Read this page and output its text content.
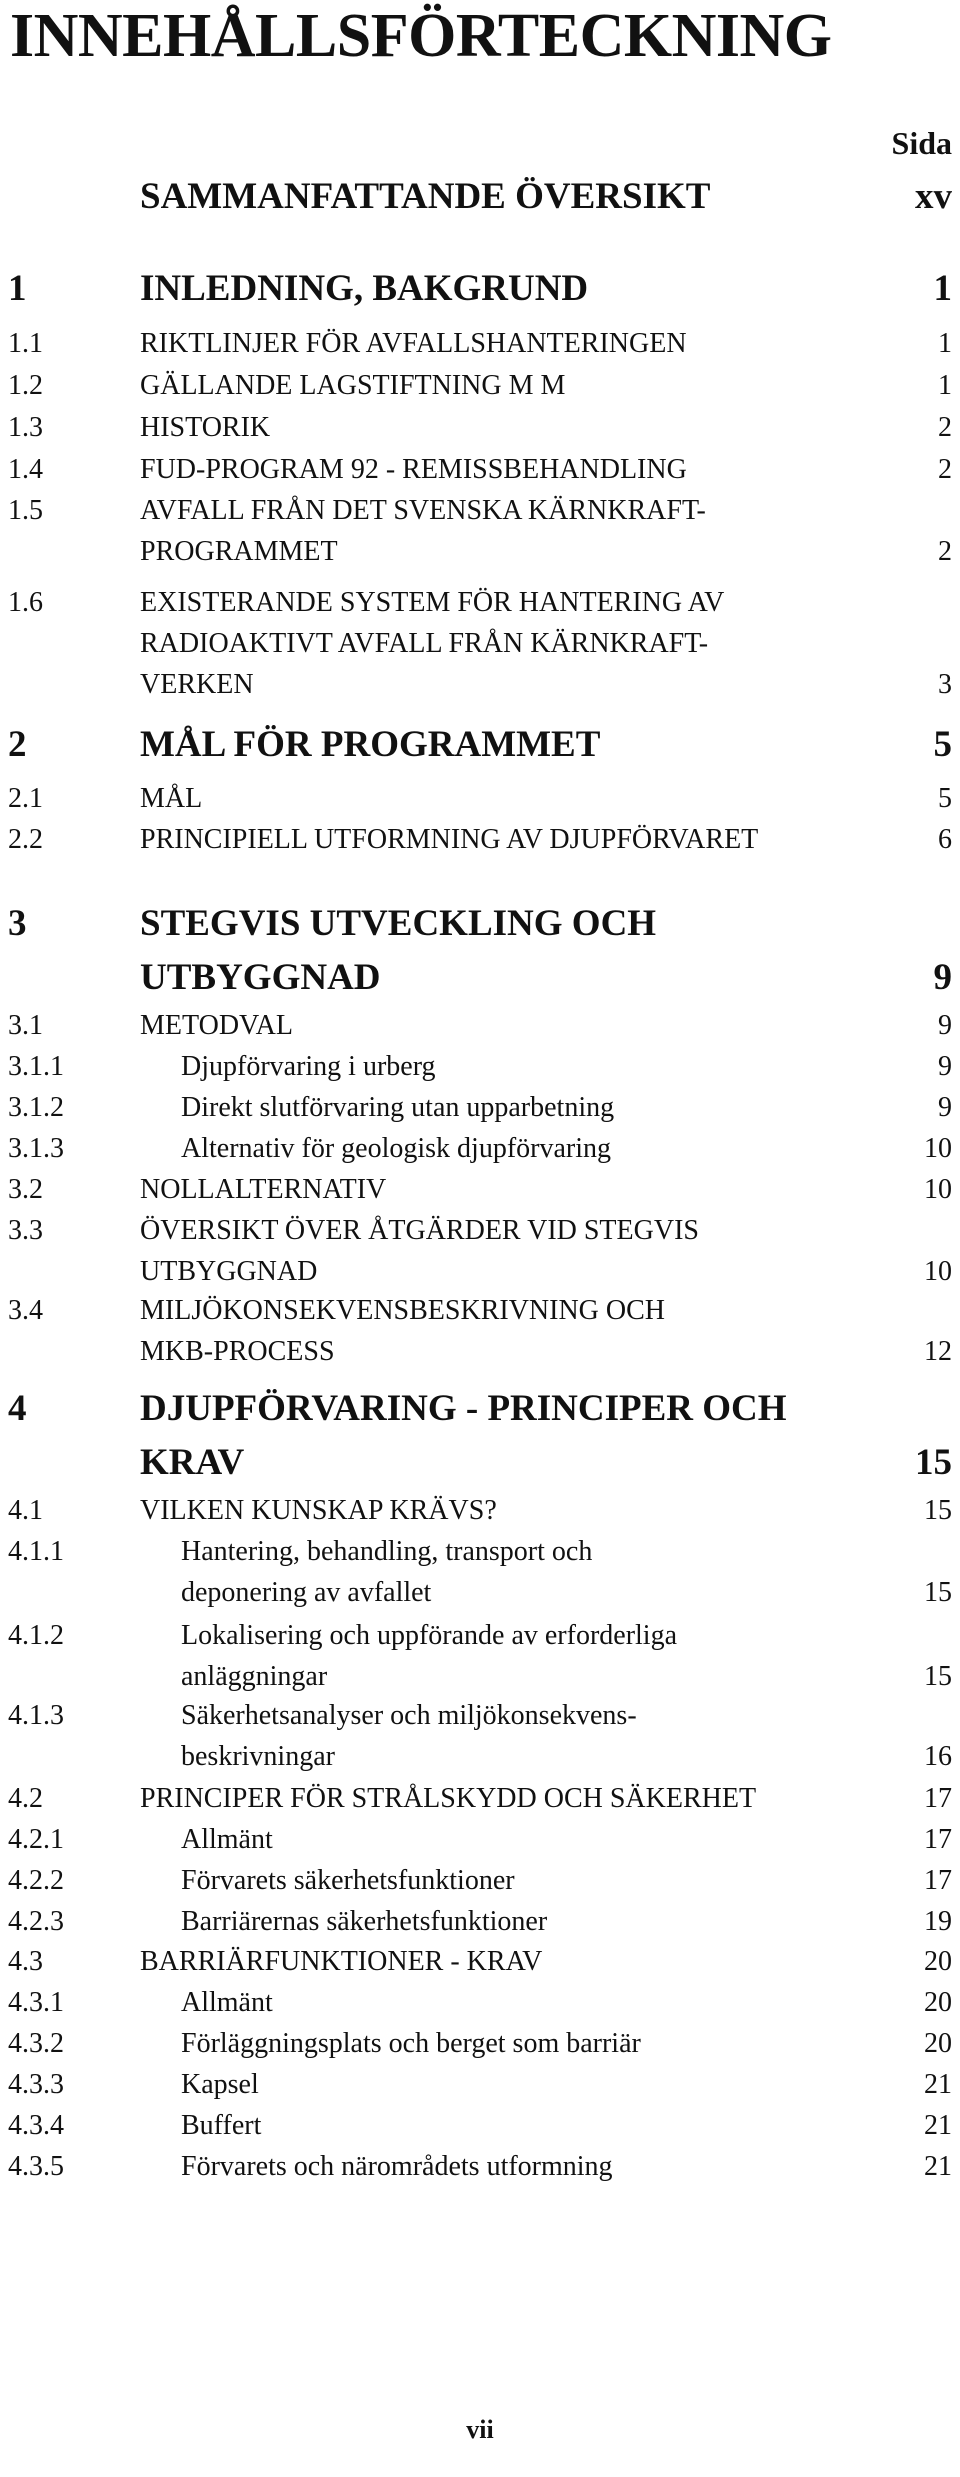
INNEHÅLLSFÖRTECKNING
Sida
SAMMANFATTANDE ÖVERSIKT	xv
1	INLEDNING, BAKGRUND	1
1.1	RIKTLINJER FÖR AVFALLSHANTERINGEN	1
1.2	GÄLLANDE LAGSTIFTNING M M	1
1.3	HISTORIK	2
1.4	FUD-PROGRAM 92 - REMISSBEHANDLING	2
1.5	AVFALL FRÅN DET SVENSKA KÄRNKRAFT-
PROGRAMMET	2
1.6	EXISTERANDE SYSTEM FÖR HANTERING AV
RADIOAKTIVT AVFALL FRÅN KÄRNKRAFT-
VERKEN	3
2	MÅL FÖR PROGRAMMET	5
2.1	MÅL	5
2.2	PRINCIPIELL UTFORMNING AV DJUPFÖRVARET	6
3	STEGVIS UTVECKLING OCH
UTBYGGNAD	9
3.1	METODVAL	9
3.1.1	Djupförvaring i urberg	9
3.1.2	Direkt slutförvaring utan upparbetning	9
3.1.3	Alternativ för geologisk djupförvaring	10
3.2	NOLLALTERNATIV	10
3.3	ÖVERSIKT ÖVER ÅTGÄRDER VID STEGVIS
UTBYGGNAD	10
3.4	MILJÖKONSEKVENSBESKRIVNING OCH
MKB-PROCESS	12
4	DJUPFÖRVARING - PRINCIPER OCH
KRAV	15
4.1	VILKEN KUNSKAP KRÄVS?	15
4.1.1	Hantering, behandling, transport och
deponering av avfallet	15
4.1.2	Lokalisering och uppförande av erforderliga
anläggningar	15
4.1.3	Säkerhetsanalyser och miljökonsekvens-
beskrivningar	16
4.2	PRINCIPER FÖR STRÅLSKYDD OCH SÄKERHET	17
4.2.1	Allmänt	17
4.2.2	Förvarets säkerhetsfunktioner	17
4.2.3	Barriärernas säkerhetsfunktioner	19
4.3	BARRIÄRFUNKTIONER - KRAV	20
4.3.1	Allmänt	20
4.3.2	Förläggningsplats och berget som barriär	20
4.3.3	Kapsel	21
4.3.4	Buffert	21
4.3.5	Förvarets och närområdets utformning	21
vii
